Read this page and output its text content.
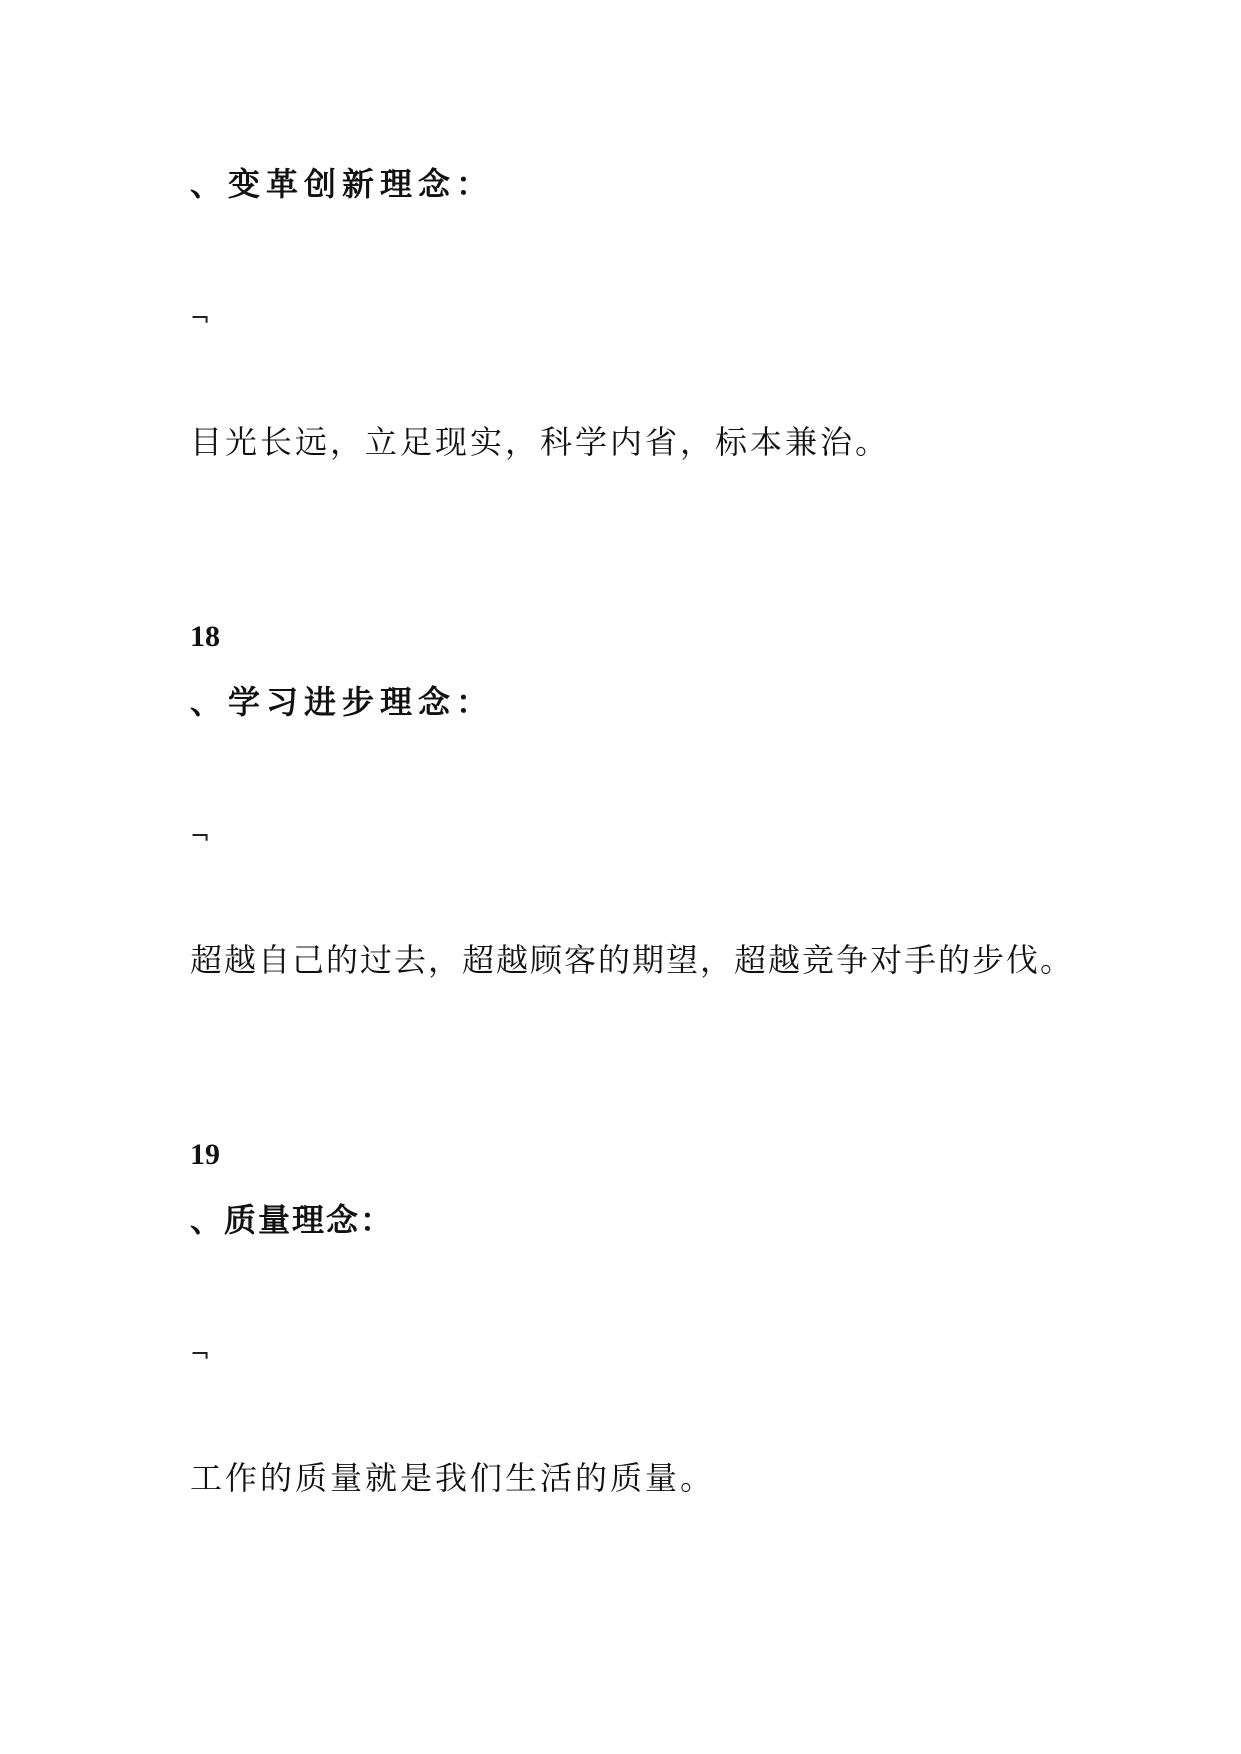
、变革创新理念：
¬
目光长远，立足现实，科学内省，标本兼治。
18
、学习进步理念：
¬
超越自己的过去，超越顾客的期望，超越竞争对手的步伐。
19
、质量理念：
¬
工作的质量就是我们生活的质量。
